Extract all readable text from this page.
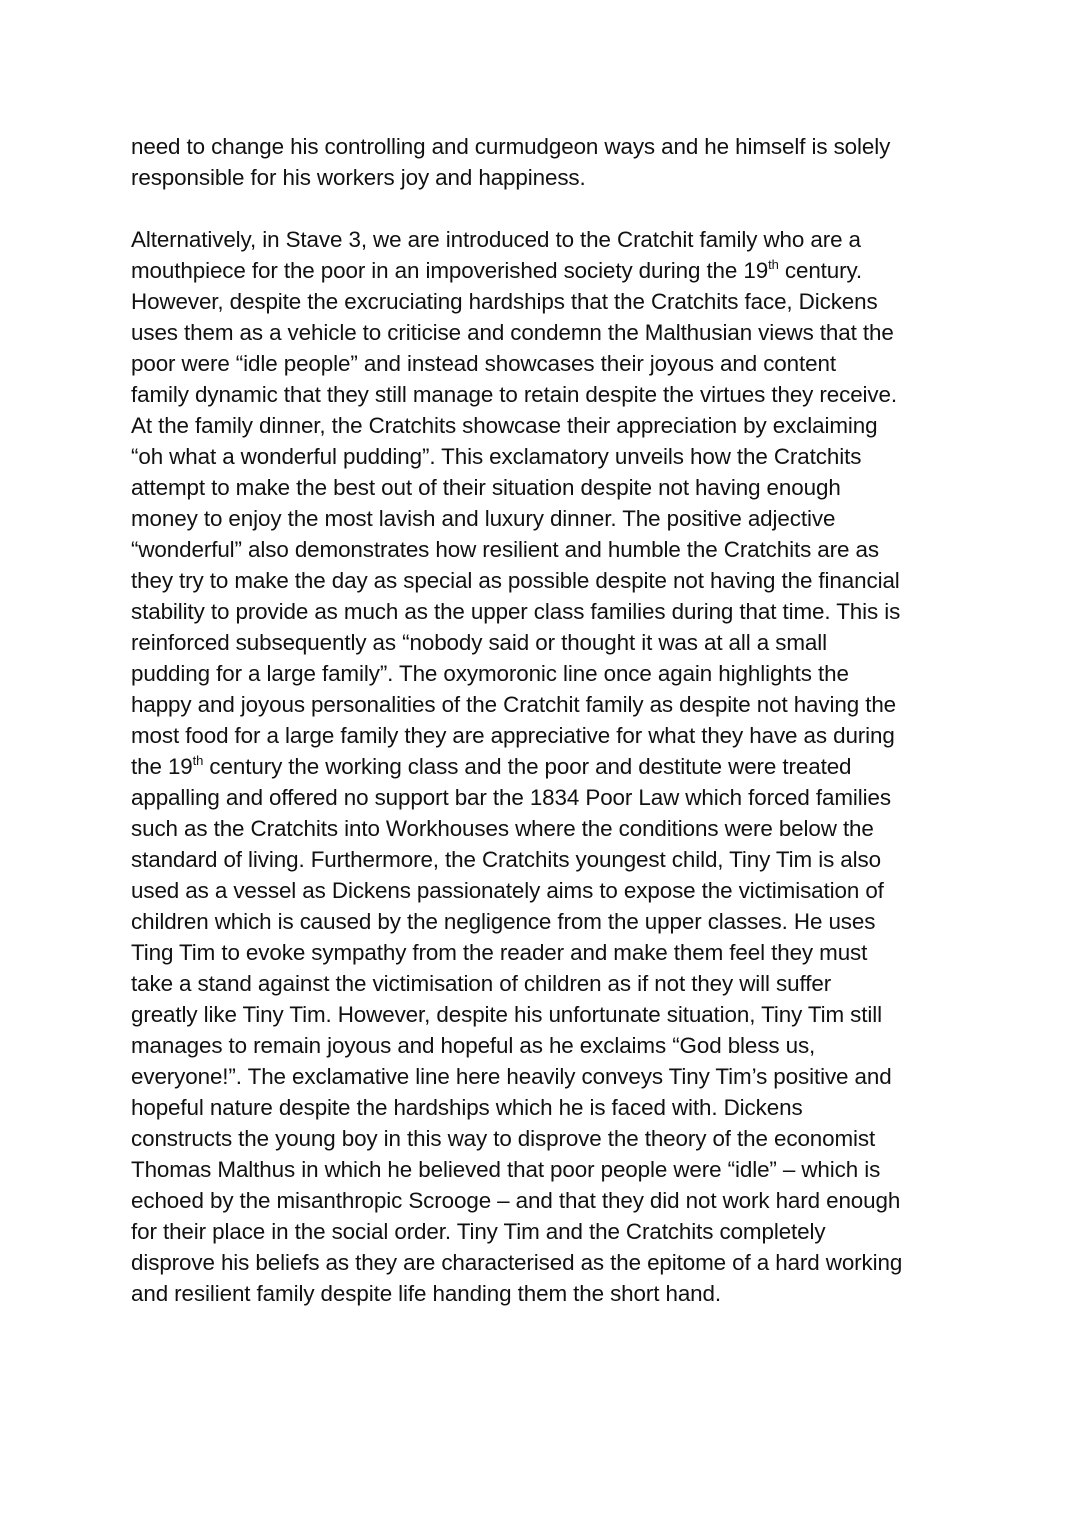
need to change his controlling and curmudgeon ways and he himself is solely
responsible for his workers joy and happiness.
Alternatively, in Stave 3, we are introduced to the Cratchit family who are a
mouthpiece for the poor in an impoverished society during the 19th century.
However, despite the excruciating hardships that the Cratchits face, Dickens
uses them as a vehicle to criticise and condemn the Malthusian views that the
poor were “idle people” and instead showcases their joyous and content
family dynamic that they still manage to retain despite the virtues they receive.
At the family dinner, the Cratchits showcase their appreciation by exclaiming
“oh what a wonderful pudding”. This exclamatory unveils how the Cratchits
attempt to make the best out of their situation despite not having enough
money to enjoy the most lavish and luxury dinner. The positive adjective
“wonderful” also demonstrates how resilient and humble the Cratchits are as
they try to make the day as special as possible despite not having the financial
stability to provide as much as the upper class families during that time. This is
reinforced subsequently as “nobody said or thought it was at all a small
pudding for a large family”. The oxymoronic line once again highlights the
happy and joyous personalities of the Cratchit family as despite not having the
most food for a large family they are appreciative for what they have as during
the 19th century the working class and the poor and destitute were treated
appalling and offered no support bar the 1834 Poor Law which forced families
such as the Cratchits into Workhouses where the conditions were below the
standard of living. Furthermore, the Cratchits youngest child, Tiny Tim is also
used as a vessel as Dickens passionately aims to expose the victimisation of
children which is caused by the negligence from the upper classes. He uses
Ting Tim to evoke sympathy from the reader and make them feel they must
take a stand against the victimisation of children as if not they will suffer
greatly like Tiny Tim. However, despite his unfortunate situation, Tiny Tim still
manages to remain joyous and hopeful as he exclaims “God bless us,
everyone!”. The exclamative line here heavily conveys Tiny Tim’s positive and
hopeful nature despite the hardships which he is faced with. Dickens
constructs the young boy in this way to disprove the theory of the economist
Thomas Malthus in which he believed that poor people were “idle” – which is
echoed by the misanthropic Scrooge – and that they did not work hard enough
for their place in the social order. Tiny Tim and the Cratchits completely
disprove his beliefs as they are characterised as the epitome of a hard working
and resilient family despite life handing them the short hand.
